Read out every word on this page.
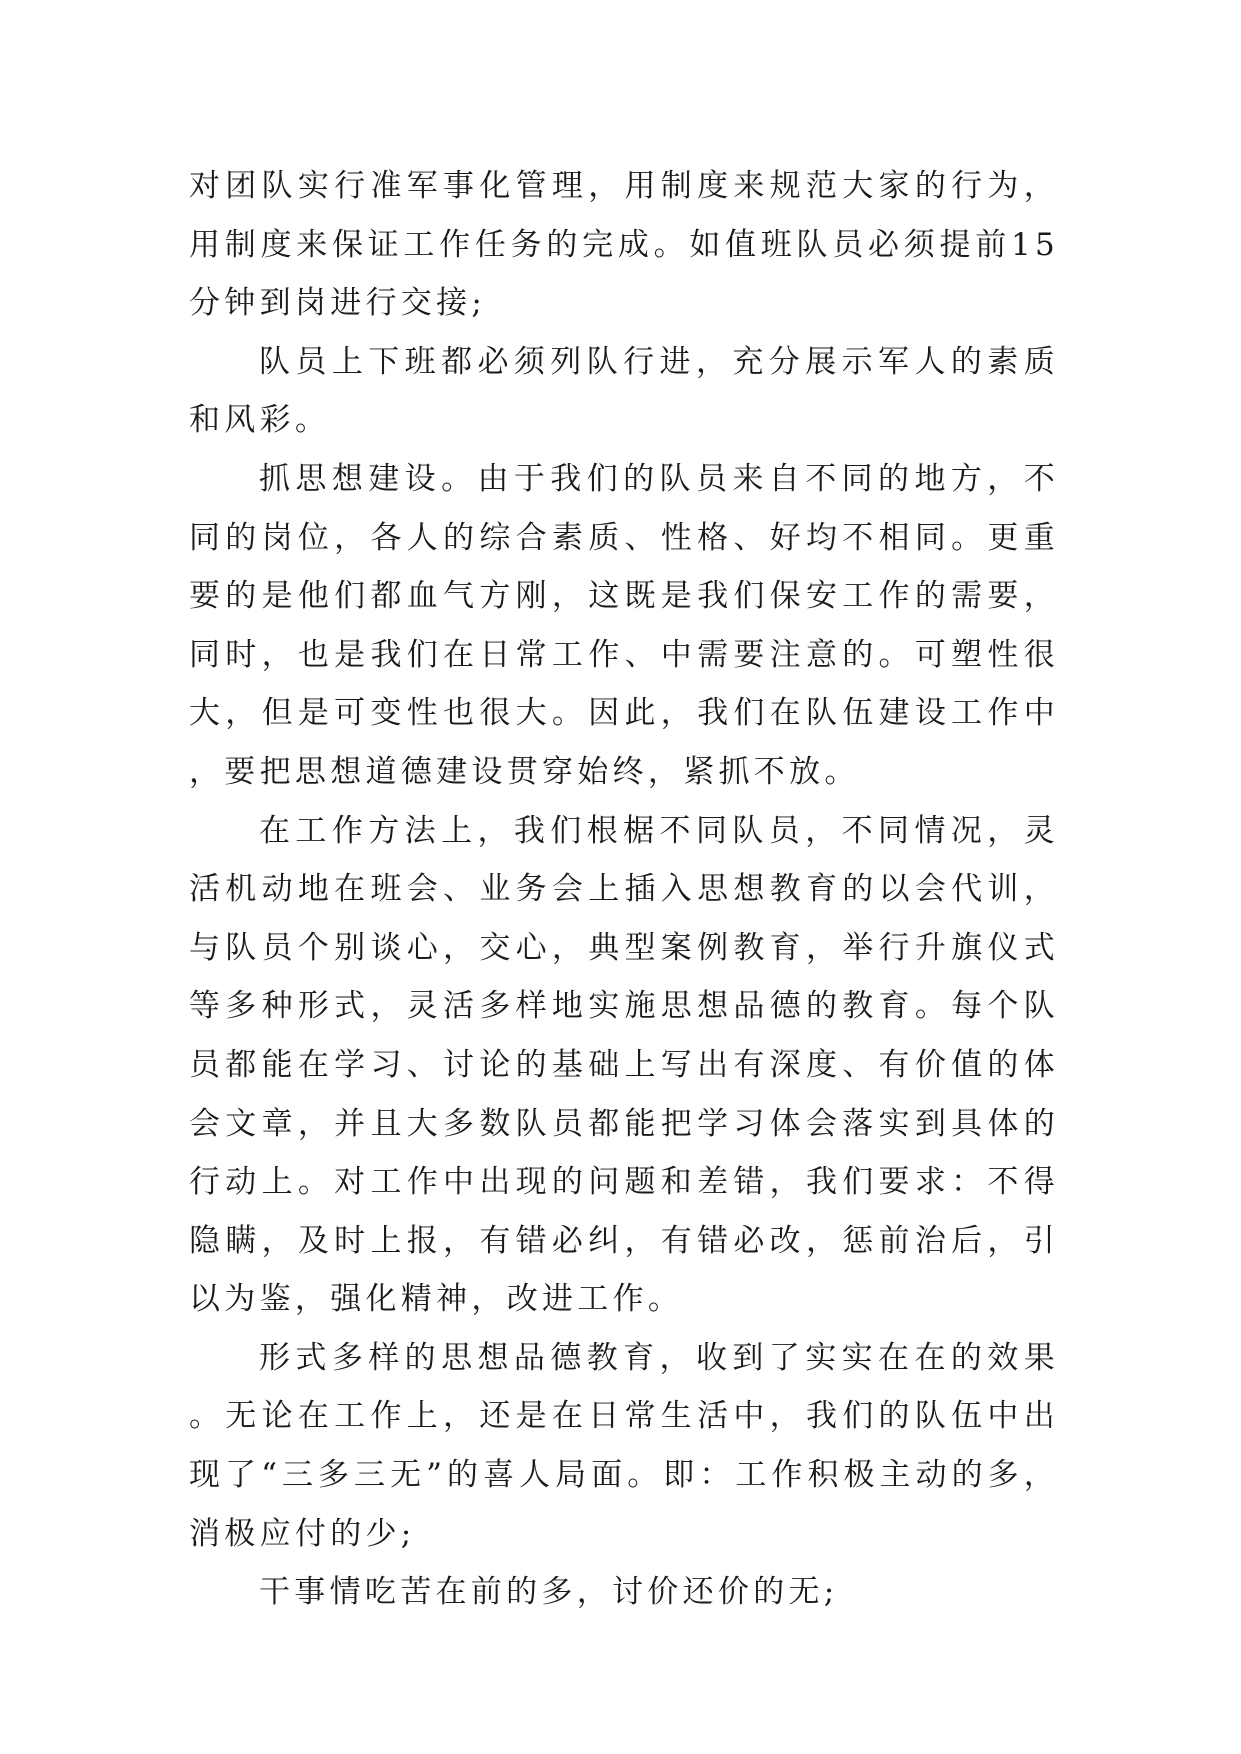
对团队实行准军事化管理，用制度来规范大家的行为，用制度来保证工作任务的完成。如值班队员必须提前15分钟到岗进行交接;

队员上下班都必须列队行进，充分展示军人的素质和风彩。

抓思想建设。由于我们的队员来自不同的地方，不同的岗位，各人的综合素质、性格、好均不相同。更重要的是他们都血气方刚，这既是我们保安工作的需要，同时，也是我们在日常工作、中需要注意的。可塑性很大，但是可变性也很大。因此，我们在队伍建设工作中，要把思想道德建设贯穿始终，紧抓不放。

在工作方法上，我们根椐不同队员，不同情况，灵活机动地在班会、业务会上插入思想教育的以会代训，与队员个别谈心，交心，典型案例教育，举行升旗仪式等多种形式，灵活多样地实施思想品德的教育。每个队员都能在学习、讨论的基础上写出有深度、有价值的体会文章，并且大多数队员都能把学习体会落实到具体的行动上。对工作中出现的问题和差错，我们要求：不得隐瞒，及时上报，有错必纠，有错必改，惩前治后，引以为鉴，强化精神，改进工作。

形式多样的思想品德教育，收到了实实在在的效果。无论在工作上，还是在日常生活中，我们的队伍中出现了“三多三无”的喜人局面。即：工作积极主动的多，消极应付的少;

干事情吃苦在前的多，讨价还价的无;
